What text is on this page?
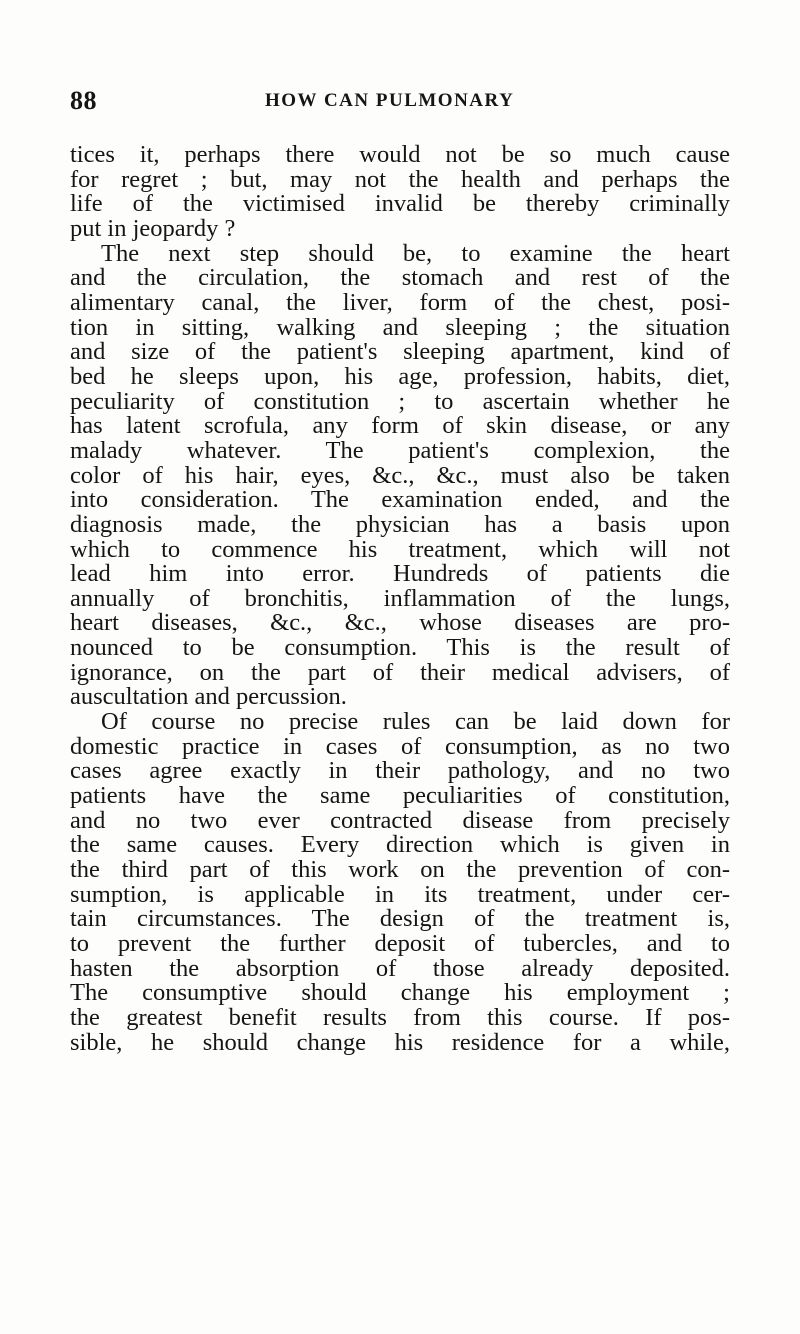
88	HOW CAN PULMONARY
tices it, perhaps there would not be so much cause
for regret ; but, may not the health and perhaps the
life of the victimised invalid be thereby criminally
put in jeopardy ?
The next step should be, to examine the heart
and the circulation, the stomach and rest of the
alimentary canal, the liver, form of the chest, posi-
tion in sitting, walking and sleeping ; the situation
and size of the patient's sleeping apartment, kind of
bed he sleeps upon, his age, profession, habits, diet,
peculiarity of constitution ; to ascertain whether he
has latent scrofula, any form of skin disease, or any
malady whatever. The patient's complexion, the
color of his hair, eyes, &c., &c., must also be taken
into consideration. The examination ended, and the
diagnosis made, the physician has a basis upon
which to commence his treatment, which will not
lead him into error. Hundreds of patients die
annually of bronchitis, inflammation of the lungs,
heart diseases, &c., &c., whose diseases are pro-
nounced to be consumption. This is the result of
ignorance, on the part of their medical advisers, of
auscultation and percussion.
Of course no precise rules can be laid down for
domestic practice in cases of consumption, as no two
cases agree exactly in their pathology, and no two
patients have the same peculiarities of constitution,
and no two ever contracted disease from precisely
the same causes. Every direction which is given in
the third part of this work on the prevention of con-
sumption, is applicable in its treatment, under cer-
tain circumstances. The design of the treatment is,
to prevent the further deposit of tubercles, and to
hasten the absorption of those already deposited.
The consumptive should change his employment ;
the greatest benefit results from this course. If pos-
sible, he should change his residence for a while,
